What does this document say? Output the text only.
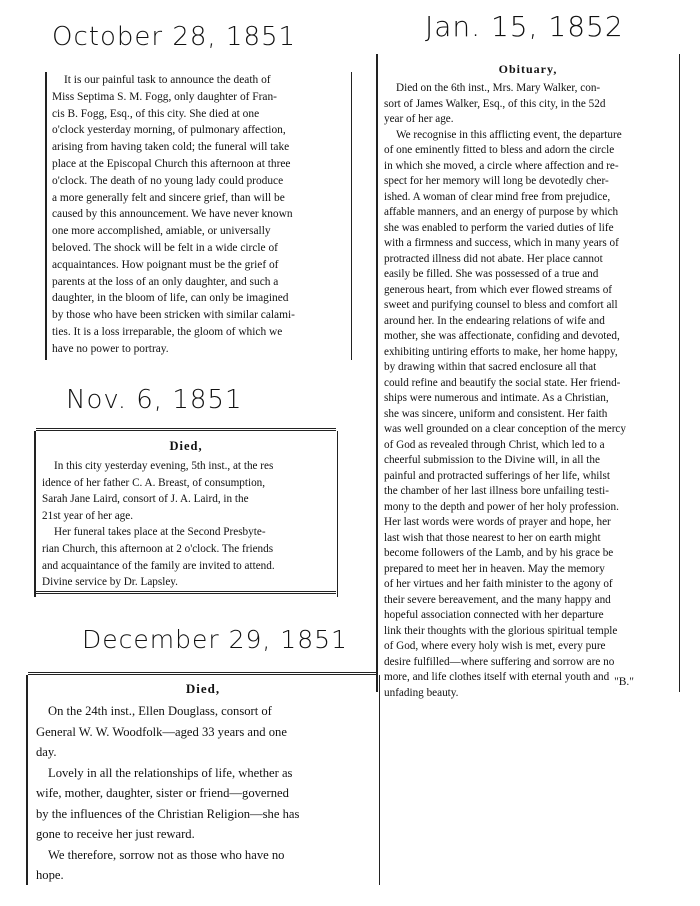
October 28, 1851	Jan. 15, 1852
Nov. 6, 1851
December 29, 1851

It is our painful task to announce the death of

Miss Septima S. M. Fogg, only daughter of Fran-

cis B. Fogg, Esq., of this city. She died at one

o'clock yesterday morning, of pulmonary affection,

arising from having taken cold; the funeral will take

place at the Episcopal Church this afternoon at three

o'clock. The death of no young lady could produce

a more generally felt and sincere grief, than will be

caused by this announcement. We have never known

one more accomplished, amiable, or universally

beloved. The shock will be felt in a wide circle of

acquaintances. How poignant must be the grief of

parents at the loss of an only daughter, and such a

daughter, in the bloom of life, can only be imagined

by those who have been stricken with similar calami-

ties. It is a loss irreparable, the gloom of which we

have no power to portray.

Died,

In this city yesterday evening, 5th inst., at the res

idence of her father C. A. Breast, of consumption,

Sarah Jane Laird, consort of J. A. Laird, in the

21st year of her age.

Her funeral takes place at the Second Presbyte-

rian Church, this afternoon at 2 o'clock. The friends

and acquaintance of the family are invited to attend.

Divine service by Dr. Lapsley.

Died,

On the 24th inst., Ellen Douglass, consort of

General W. W. Woodfolk—aged 33 years and one

day.

Lovely in all the relationships of life, whether as

wife, mother, daughter, sister or friend—governed

by the influences of the Christian Religion—she has

gone to receive her just reward.

We therefore, sorrow not as those who have no

hope.

Obituary,

Died on the 6th inst., Mrs. Mary Walker, con-

sort of James Walker, Esq., of this city, in the 52d

year of her age.

We recognise in this afflicting event, the departure

of one eminently fitted to bless and adorn the circle

in which she moved, a circle where affection and re-

spect for her memory will long be devotedly cher-

ished. A woman of clear mind free from prejudice,

affable manners, and an energy of purpose by which

she was enabled to perform the varied duties of life

with a firmness and success, which in many years of

protracted illness did not abate. Her place cannot

easily be filled. She was possessed of a true and

generous heart, from which ever flowed streams of

sweet and purifying counsel to bless and comfort all

around her. In the endearing relations of wife and

mother, she was affectionate, confiding and devoted,

exhibiting untiring efforts to make, her home happy,

by drawing within that sacred enclosure all that

could refine and beautify the social state. Her friend-

ships were numerous and intimate. As a Christian,

she was sincere, uniform and consistent. Her faith

was well grounded on a clear conception of the mercy

of God as revealed through Christ, which led to a

cheerful submission to the Divine will, in all the

painful and protracted sufferings of her life, whilst

the chamber of her last illness bore unfailing testi-

mony to the depth and power of her holy profession.

Her last words were words of prayer and hope, her

last wish that those nearest to her on earth might

become followers of the Lamb, and by his grace be

prepared to meet her in heaven. May the memory

of her virtues and her faith minister to the agony of

their severe bereavement, and the many happy and

hopeful association connected with her departure

link their thoughts with the glorious spiritual temple

of God, where every holy wish is met, every pure

desire fulfilled—where suffering and sorrow are no

more, and life clothes itself with eternal youth and

unfading beauty.

"B."
